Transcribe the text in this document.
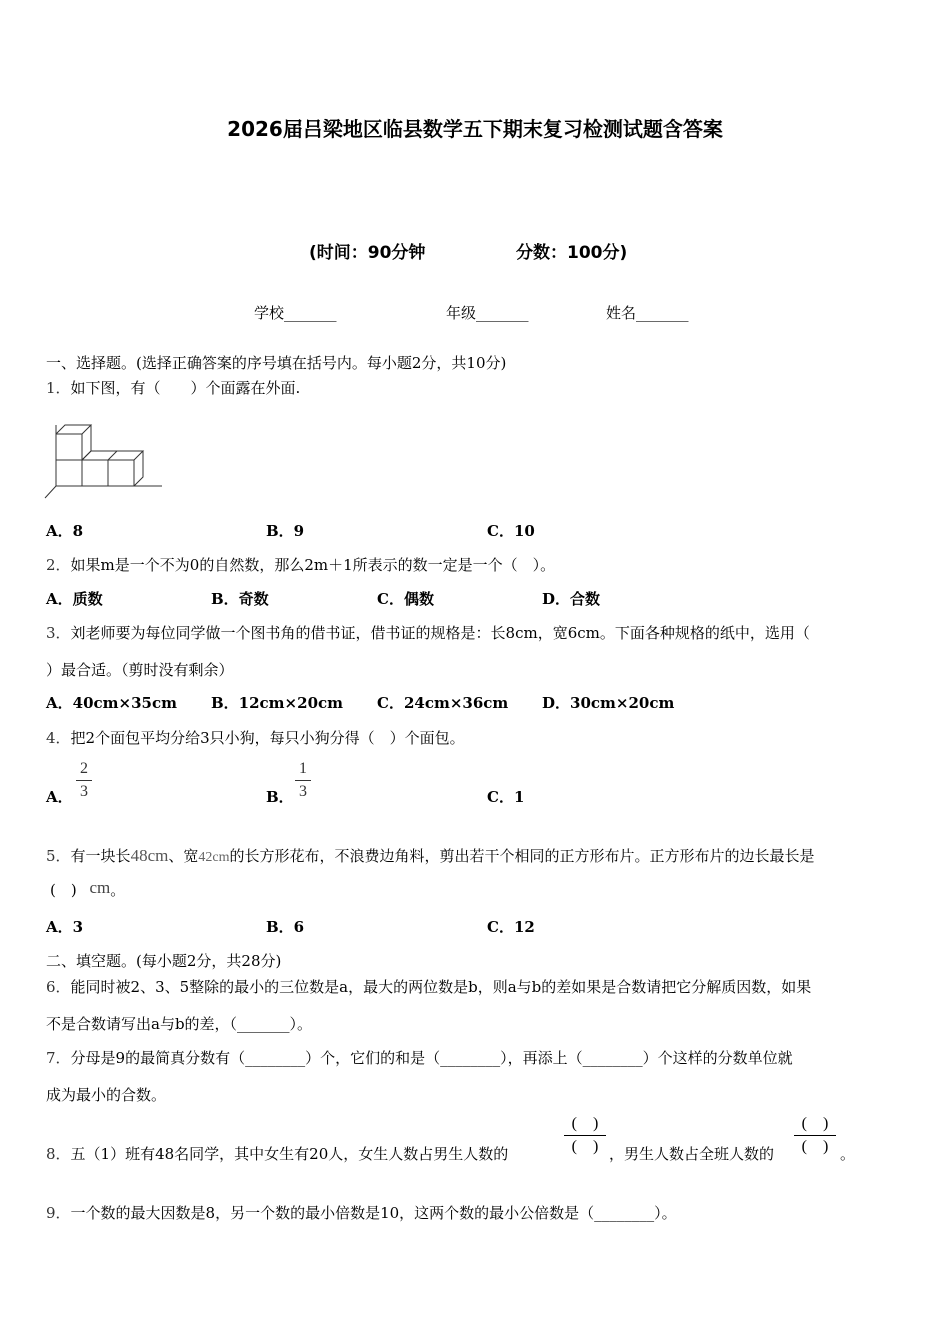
2026届吕梁地区临县数学五下期末复习检测试题含答案
(时间：90分钟	分数：100分)
学校_______	年级_______	姓名_______
一、选择题。(选择正确答案的序号填在括号内。每小题2分，共10分)
1．如下图，有（　　）个面露在外面.
A．8	B．9	C．10
2．如果m是一个不为0的自然数，那么2m＋1所表示的数一定是一个（　）。
A．质数	B．奇数	C．偶数	D．合数
3．刘老师要为每位同学做一个图书角的借书证，借书证的规格是：长8cm，宽6cm。下面各种规格的纸中，选用（
）最合适。（剪时没有剩余）
A．40cm×35cm B．12cm×20cm C．24cm×36cm D．30cm×20cm
4．把2个面包平均分给3只小狗，每只小狗分得（　）个面包。
A．
2
3	B．
1
3	C．1
5．有一块长48cm、宽42cm的长方形花布，不浪费边角料，剪出若干个相同的正方形布片。正方形布片的边长最长是
(　) cm。
A．3	B．6	C．12
二、填空题。(每小题2分，共28分)
6．能同时被2、3、5整除的最小的三位数是a，最大的两位数是b，则a与b的差如果是合数请把它分解质因数，如果
不是合数请写出a与b的差，（_______）。
7．分母是9的最简真分数有（________）个，它们的和是（________），再添上（________）个这样的分数单位就
成为最小的合数。
8．五（1）班有48名同学，其中女生有20人，女生人数占男生人数的
(　)
(　) ，男生人数占全班人数的
(　)
(　) 。
9．一个数的最大因数是8，另一个数的最小倍数是10，这两个数的最小公倍数是（________）。
